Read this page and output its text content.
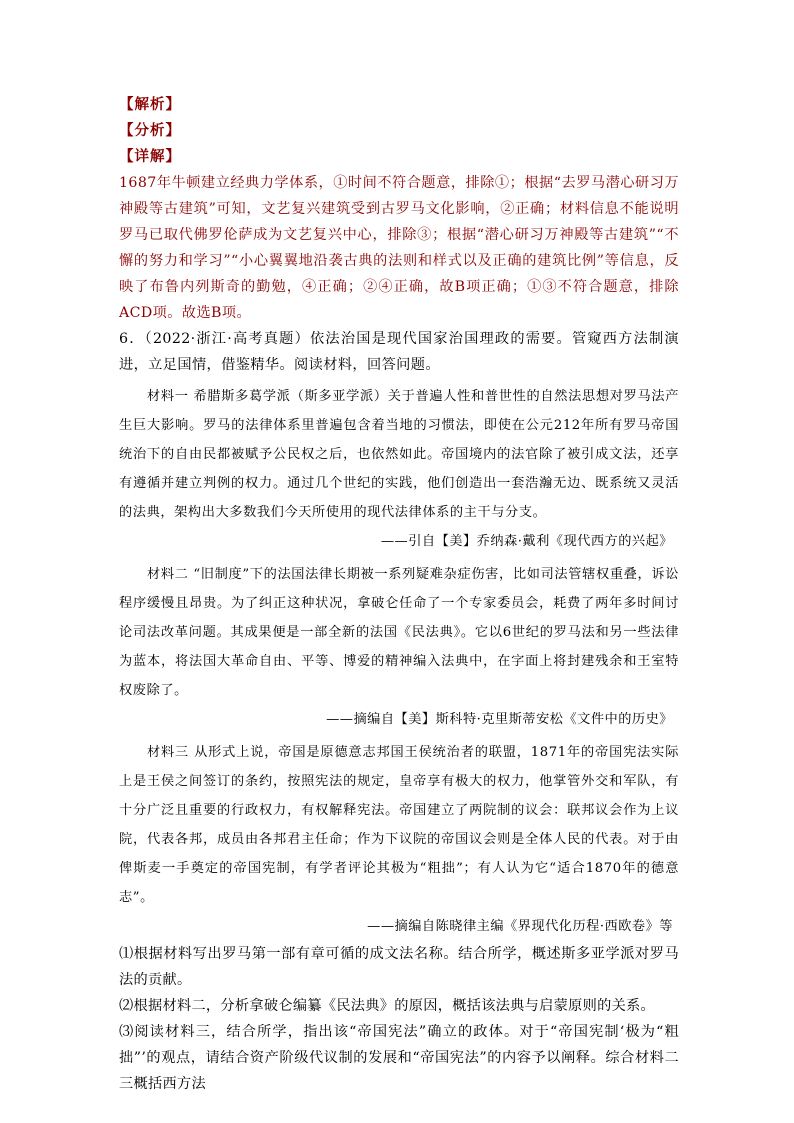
【解析】
【分析】
【详解】
1687年牛顿建立经典力学体系，①时间不符合题意，排除①；根据“去罗马潜心研习万神殿等古建筑”可知，文艺复兴建筑受到古罗马文化影响，②正确；材料信息不能说明罗马已取代佛罗伦萨成为文艺复兴中心，排除③；根据“潜心研习万神殿等古建筑”“不懈的努力和学习”“小心翼翼地沿袭古典的法则和样式以及正确的建筑比例”等信息，反映了布鲁内列斯奇的勤勉，④正确；②④正确，故B项正确；①③不符合题意，排除ACD项。故选B项。
6．（2022·浙江·高考真题）依法治国是现代国家治国理政的需要。管窥西方法制演进，立足国情，借鉴精华。阅读材料，回答问题。
材料一 希腊斯多葛学派（斯多亚学派）关于普遍人性和普世性的自然法思想对罗马法产生巨大影响。罗马的法律体系里普遍包含着当地的习惯法，即使在公元212年所有罗马帝国统治下的自由民都被赋予公民权之后，也依然如此。帝国境内的法官除了被引成文法，还享有遵循并建立判例的权力。通过几个世纪的实践，他们创造出一套浩瀚无边、既系统又灵活的法典，架构出大多数我们今天所使用的现代法律体系的主干与分支。
——引自【美】乔纳森·戴利《现代西方的兴起》
材料二 “旧制度”下的法国法律长期被一系列疑难杂症伤害，比如司法管辖权重叠，诉讼程序缓慢且昂贵。为了纠正这种状况，拿破仑任命了一个专家委员会，耗费了两年多时间讨论司法改革问题。其成果便是一部全新的法国《民法典》。它以6世纪的罗马法和另一些法律为蓝本，将法国大革命自由、平等、博爱的精神编入法典中，在字面上将封建残余和王室特权废除了。
——摘编自【美】斯科特·克里斯蒂安松《文件中的历史》
材料三 从形式上说，帝国是原德意志邦国王侯统治者的联盟，1871年的帝国宪法实际上是王侯之间签订的条约，按照宪法的规定，皇帝享有极大的权力，他掌管外交和军队，有十分广泛且重要的行政权力，有权解释宪法。帝国建立了两院制的议会：联邦议会作为上议院，代表各邦，成员由各邦君主任命；作为下议院的帝国议会则是全体人民的代表。对于由俾斯麦一手奠定的帝国宪制，有学者评论其极为“粗拙”；有人认为它“适合1870年的德意志”。
——摘编自陈晓律主编《界现代化历程·西欧卷》等
⑴根据材料写出罗马第一部有章可循的成文法名称。结合所学，概述斯多亚学派对罗马法的贡献。
⑵根据材料二，分析拿破仑编纂《民法典》的原因，概括该法典与启蒙原则的关系。
⑶阅读材料三，结合所学，指出该“帝国宪法”确立的政体。对于“帝国宪制‘极为“粗拙”’的观点，请结合资产阶级代议制的发展和“帝国宪法”的内容予以阐释。综合材料二三概括西方法
